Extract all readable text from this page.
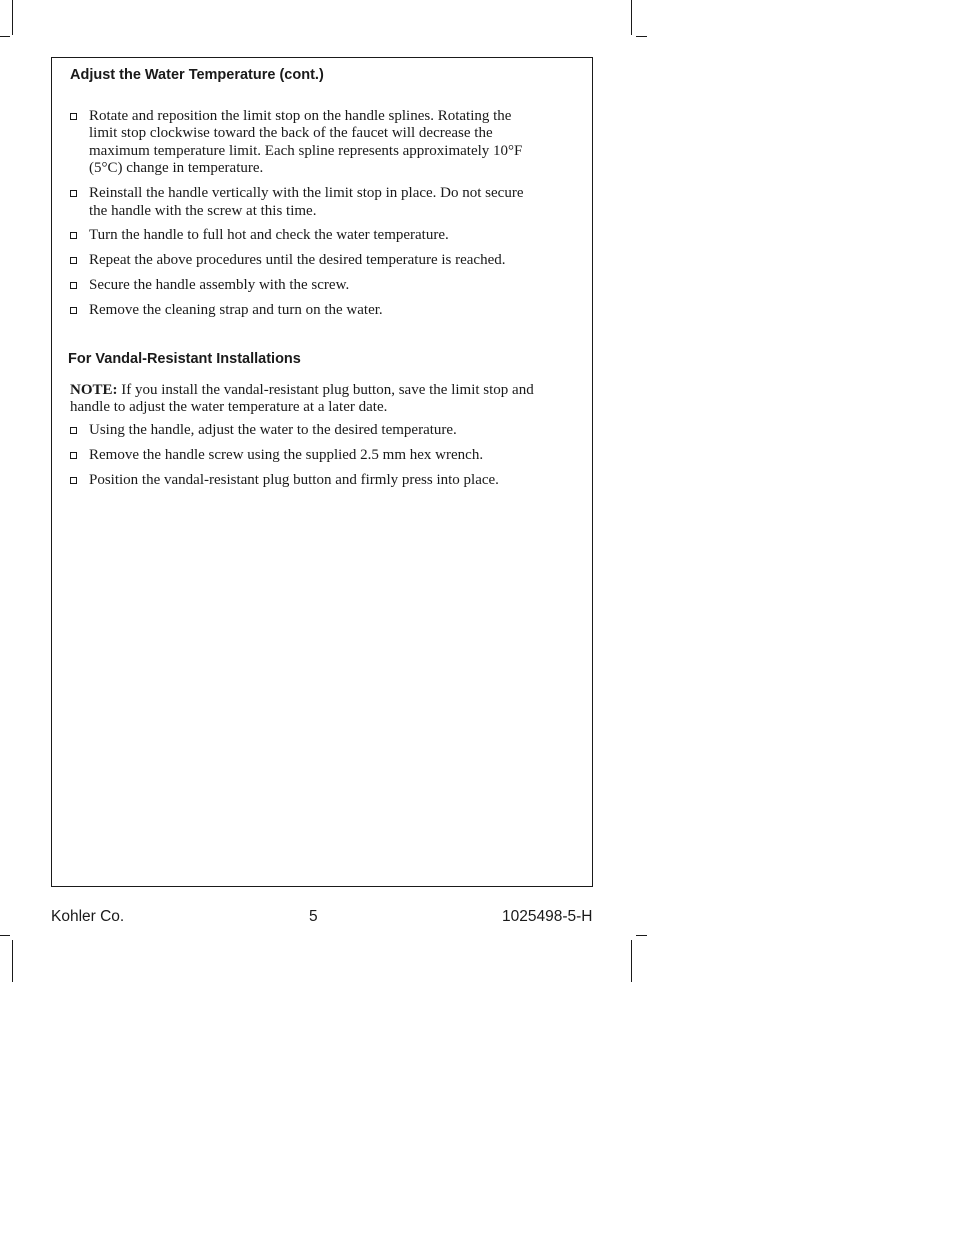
Adjust the Water Temperature (cont.)
Rotate and reposition the limit stop on the handle splines. Rotating the limit stop clockwise toward the back of the faucet will decrease the maximum temperature limit. Each spline represents approximately 10°F (5°C) change in temperature.
Reinstall the handle vertically with the limit stop in place. Do not secure the handle with the screw at this time.
Turn the handle to full hot and check the water temperature.
Repeat the above procedures until the desired temperature is reached.
Secure the handle assembly with the screw.
Remove the cleaning strap and turn on the water.
For Vandal-Resistant Installations

NOTE: If you install the vandal-resistant plug button, save the limit stop and handle to adjust the water temperature at a later date.

Using the handle, adjust the water to the desired temperature.
Remove the handle screw using the supplied 2.5 mm hex wrench.
Position the vandal-resistant plug button and firmly press into place.
Kohler Co.	5	1025498-5-H
